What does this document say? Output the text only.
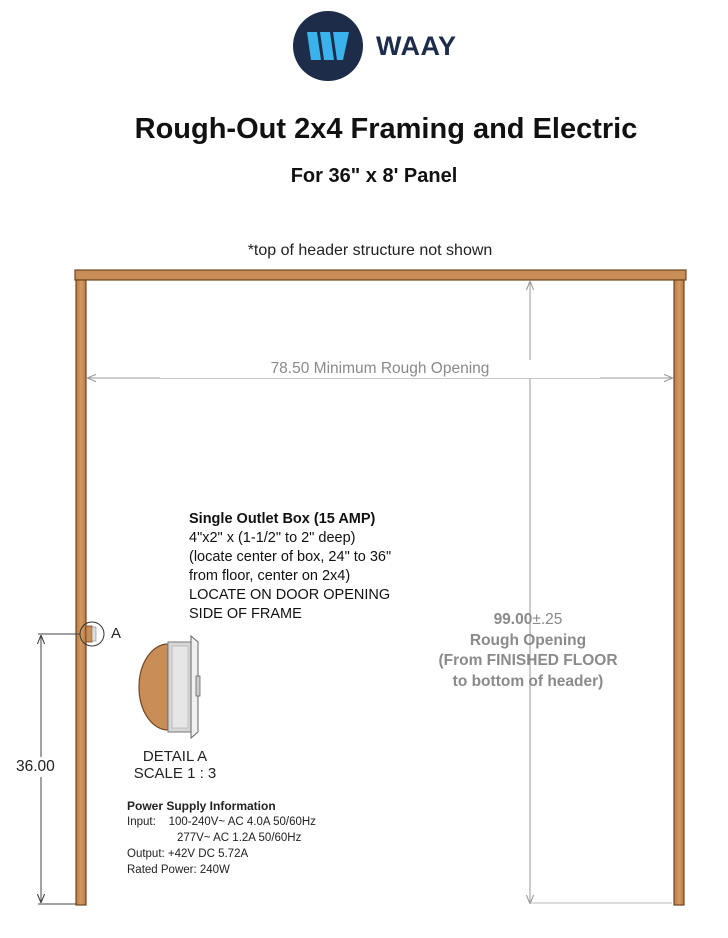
WAAY
Rough-Out 2x4 Framing and Electric
For 36" x 8' Panel
*top of header structure not shown
78.50 Minimum Rough Opening
99.00±.25
Rough Opening
(From FINISHED FLOOR
to bottom of header)
36.00
Single Outlet Box (15 AMP)
4"x2" x (1-1/2" to 2" deep)
(locate center of box, 24" to 36"
from floor, center on 2x4)
LOCATE ON DOOR OPENING
SIDE OF FRAME
A
DETAIL A
SCALE 1 : 3
Power Supply Information
Input: 100-240V~ AC 4.0A 50/60Hz
277V~ AC 1.2A 50/60Hz
Output: +42V DC 5.72A
Rated Power: 240W
